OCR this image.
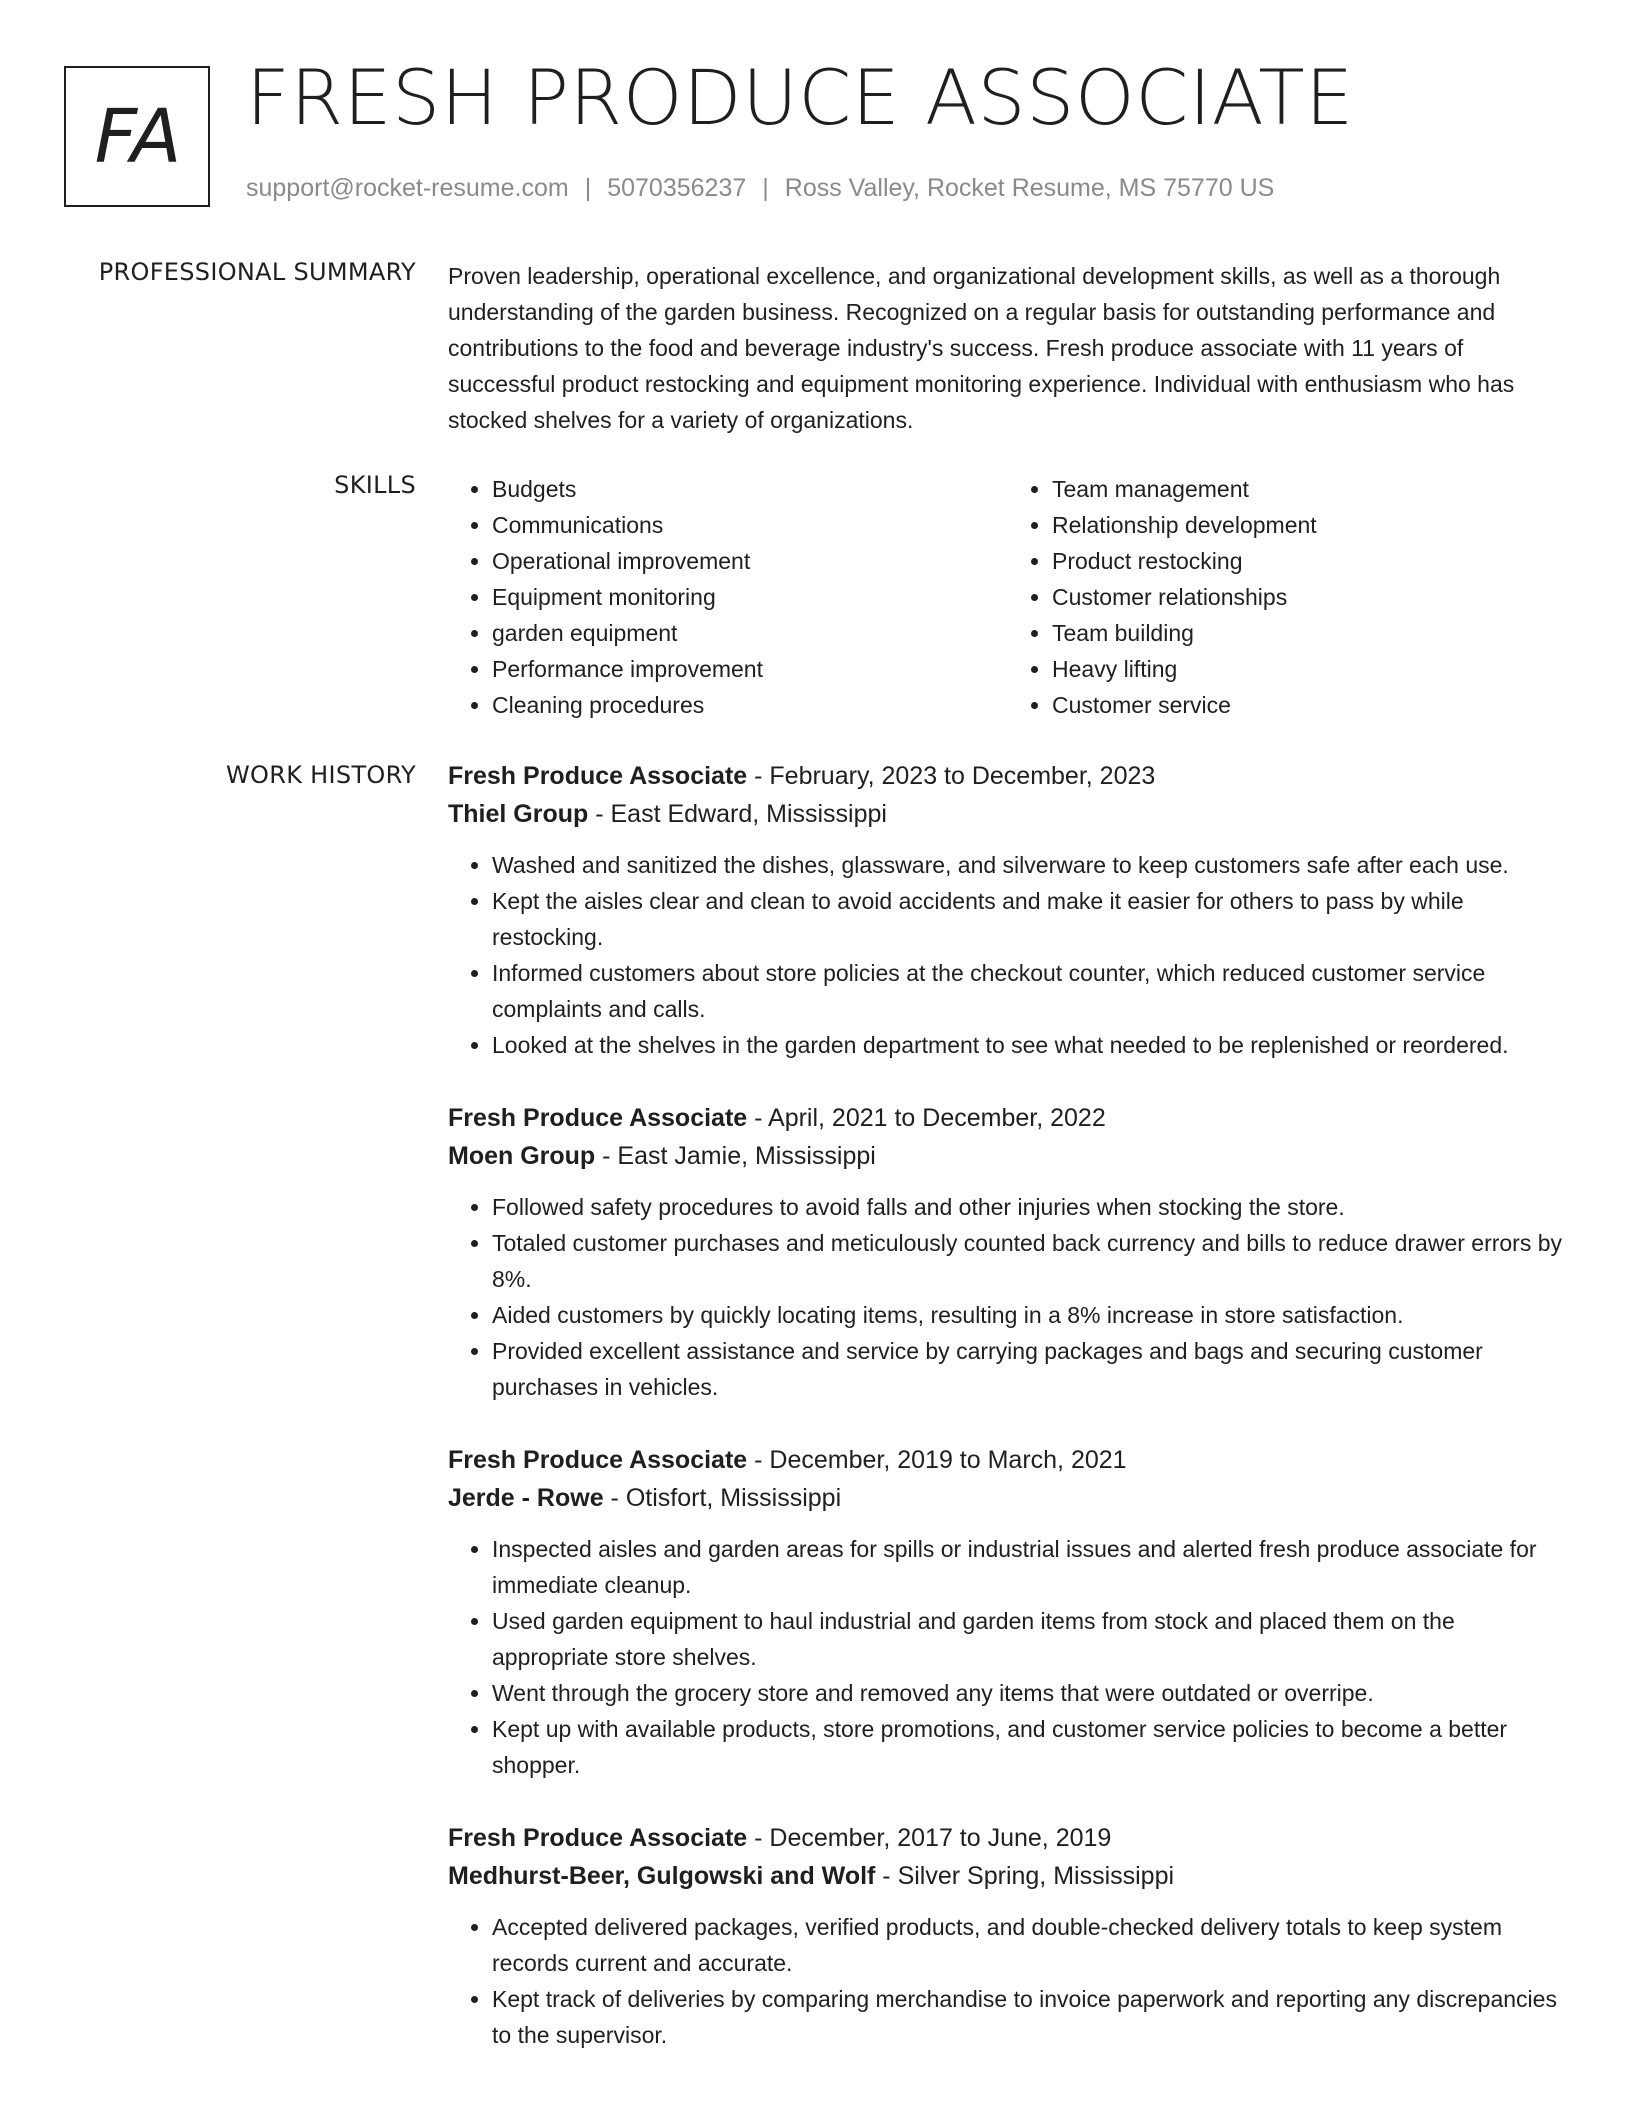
FA FRESH PRODUCE ASSOCIATE
support@rocket-resume.com | 5070356237 | Ross Valley, Rocket Resume, MS 75770 US
PROFESSIONAL SUMMARY Proven leadership, operational excellence, and organizational development skills, as well as a thorough understanding of the garden business. Recognized on a regular basis for outstanding performance and contributions to the food and beverage industry's success. Fresh produce associate with 11 years of successful product restocking and equipment monitoring experience. Individual with enthusiasm who has stocked shelves for a variety of organizations.

SKILLS
•	Budgets
• Communications
• Operational improvement
• Equipment monitoring
• garden equipment
• Performance improvement
• Cleaning procedures
• Team management
• Relationship development
• Product restocking
• Customer relationships
• Team building
• Heavy lifting
• Customer service
WORK HISTORY Fresh Produce Associate - February, 2023 to December, 2023
Thiel Group - East Edward, Mississippi
• Washed and sanitized the dishes, glassware, and silverware to keep customers safe after each use.
• Kept the aisles clear and clean to avoid accidents and make it easier for others to pass by while restocking.
• Informed customers about store policies at the checkout counter, which reduced customer service complaints and calls.
• Looked at the shelves in the garden department to see what needed to be replenished or reordered.
Fresh Produce Associate - April, 2021 to December, 2022
Moen Group - East Jamie, Mississippi
• Followed safety procedures to avoid falls and other injuries when stocking the store.
• Totaled customer purchases and meticulously counted back currency and bills to reduce drawer errors by 8%.
• Aided customers by quickly locating items, resulting in a 8% increase in store satisfaction.
• Provided excellent assistance and service by carrying packages and bags and securing customer purchases in vehicles.
Fresh Produce Associate - December, 2019 to March, 2021
Jerde - Rowe - Otisfort, Mississippi
• Inspected aisles and garden areas for spills or industrial issues and alerted fresh produce associate for immediate cleanup.
• Used garden equipment to haul industrial and garden items from stock and placed them on the appropriate store shelves.
• Went through the grocery store and removed any items that were outdated or overripe.
• Kept up with available products, store promotions, and customer service policies to become a better shopper.
Fresh Produce Associate - December, 2017 to June, 2019
Medhurst-Beer, Gulgowski and Wolf - Silver Spring, Mississippi
• Accepted delivered packages, verified products, and double-checked delivery totals to keep system records current and accurate.
• Kept track of deliveries by comparing merchandise to invoice paperwork and reporting any discrepancies to the supervisor.
